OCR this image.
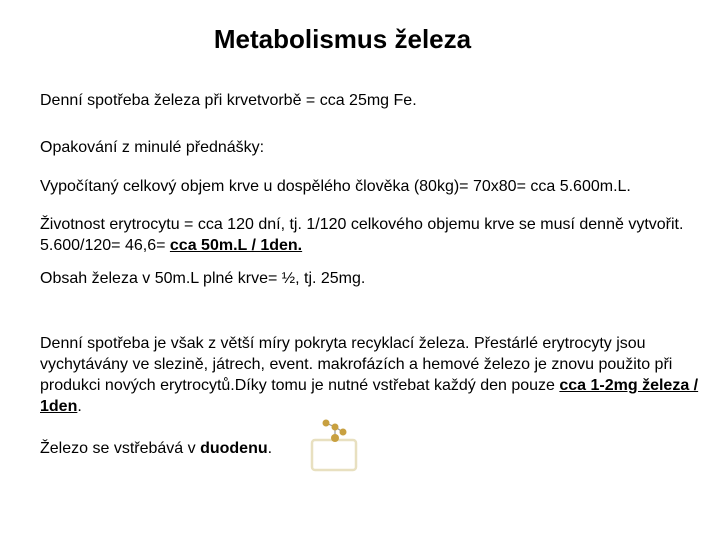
Metabolismus železa

Denní spotřeba železa při krvetvorbě = cca 25mg Fe.

Opakování z minulé přednášky:

Vypočítaný celkový objem krve u dospělého člověka (80kg)= 70x80= cca 5.600m.L.

Životnost erytrocytu = cca 120 dní, tj. 1/120 celkového objemu krve se musí denně vytvořit. 5.600/120= 46,6= cca 50m.L / 1den.

Obsah železa v 50m.L plné krve= ½, tj. 25mg.

Denní spotřeba je však z větší míry pokryta recyklací železa. Přestárlé erytrocyty jsou vychytávány ve slezině, játrech, event. makrofázích a hemové železo je znovu použito při produkci nových erytrocytů.Díky tomu je nutné vstřebat každý den pouze cca 1-2mg železa / 1den.

Železo se vstřebává v duodenu.
